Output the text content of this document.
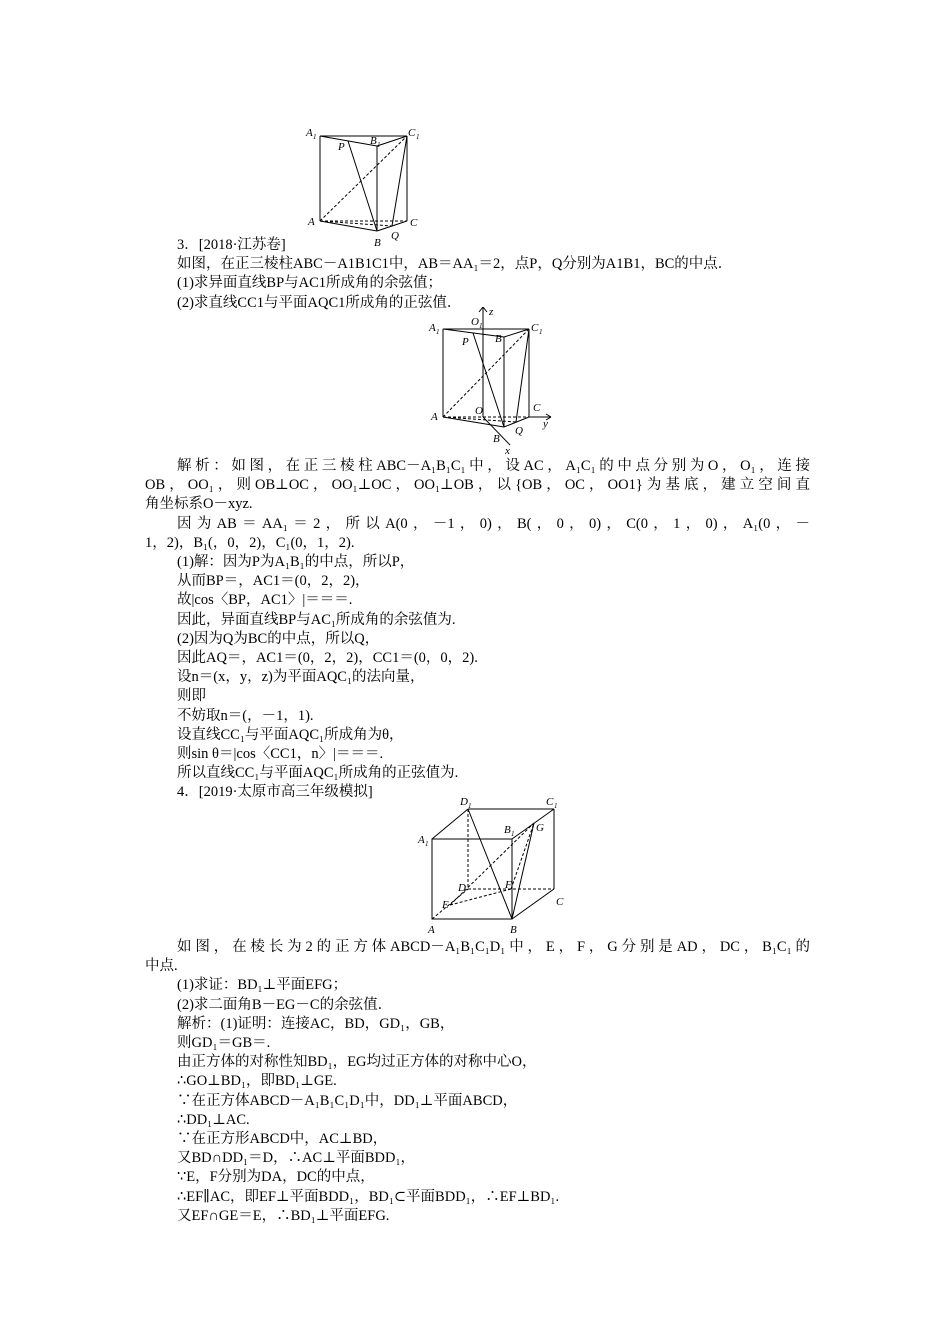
A 1
P B 1
C 1
A
B
C
Q
3．[2018·江苏卷]
如图，在正三棱柱ABC－A1B1C1中，AB＝AA₁＝2，点P，Q分别为A1B1，BC的中点．
(1)求异面直线BP与AC1所成角的余弦值；
(2)求直线CC1与平面AQC1所成角的正弦值．
A 1
O 1
z
C 1
P B
O
A
C
y
B
Q
x
解析：如图，在正三棱柱ABC－A₁B₁C₁中，设AC，A₁C₁的中点分别为O，O₁，连接
OB，OO₁，则OB⊥OC，OO₁⊥OC，OO₁⊥OB，以{OB，OC，OO1}为基底，建立空间直
角坐标系O－xyz.
因为AB＝AA₁＝2，所以A(0，－1，0)，B(，0，0)，C(0，1，0)，A₁(0，－
1，2)，B₁(，0，2)，C₁(0，1，2).
(1)解：因为P为A₁B₁的中点，所以P，
从而BP＝，AC1＝(0，2，2)，
故|cos〈BP，AC1〉|＝＝＝.
因此，异面直线BP与AC₁所成角的余弦值为.
(2)因为Q为BC的中点，所以Q，
因此AQ＝，AC1＝(0，2，2)，CC1＝(0，0，2).
设n＝(x，y，z)为平面AQC₁的法向量，
则即
不妨取n＝(，－1，1).
设直线CC₁与平面AQC₁所成角为θ，
则sin θ＝|cos〈CC1，n〉|＝＝＝.
所以直线CC₁与平面AQC₁所成角的正弦值为.
4．[2019·太原市高三年级模拟]
D 1	C 1
A 1
B 1 G
D	F
E	C
A	B
如图，在棱长为2的正方体ABCD－A₁B₁C₁D₁中，E，F，G分别是AD，DC，B₁C₁的
中点.
(1)求证：BD₁⊥平面EFG；
(2)求二面角B－EG－C的余弦值．
解析：(1)证明：连接AC，BD，GD₁，GB，
则GD₁＝GB＝.
由正方体的对称性知BD₁，EG均过正方体的对称中心O，
∴GO⊥BD₁，即BD₁⊥GE.
∵在正方体ABCD－A₁B₁C₁D₁中，DD₁⊥平面ABCD，
∴DD₁⊥AC.
∵在正方形ABCD中，AC⊥BD，
又BD∩DD₁＝D，∴AC⊥平面BDD₁，
∵E，F分别为DA，DC的中点，
∴EF∥AC，即EF⊥平面BDD₁，BD₁⊂平面BDD₁，∴EF⊥BD₁.
又EF∩GE＝E，∴BD₁⊥平面EFG.
